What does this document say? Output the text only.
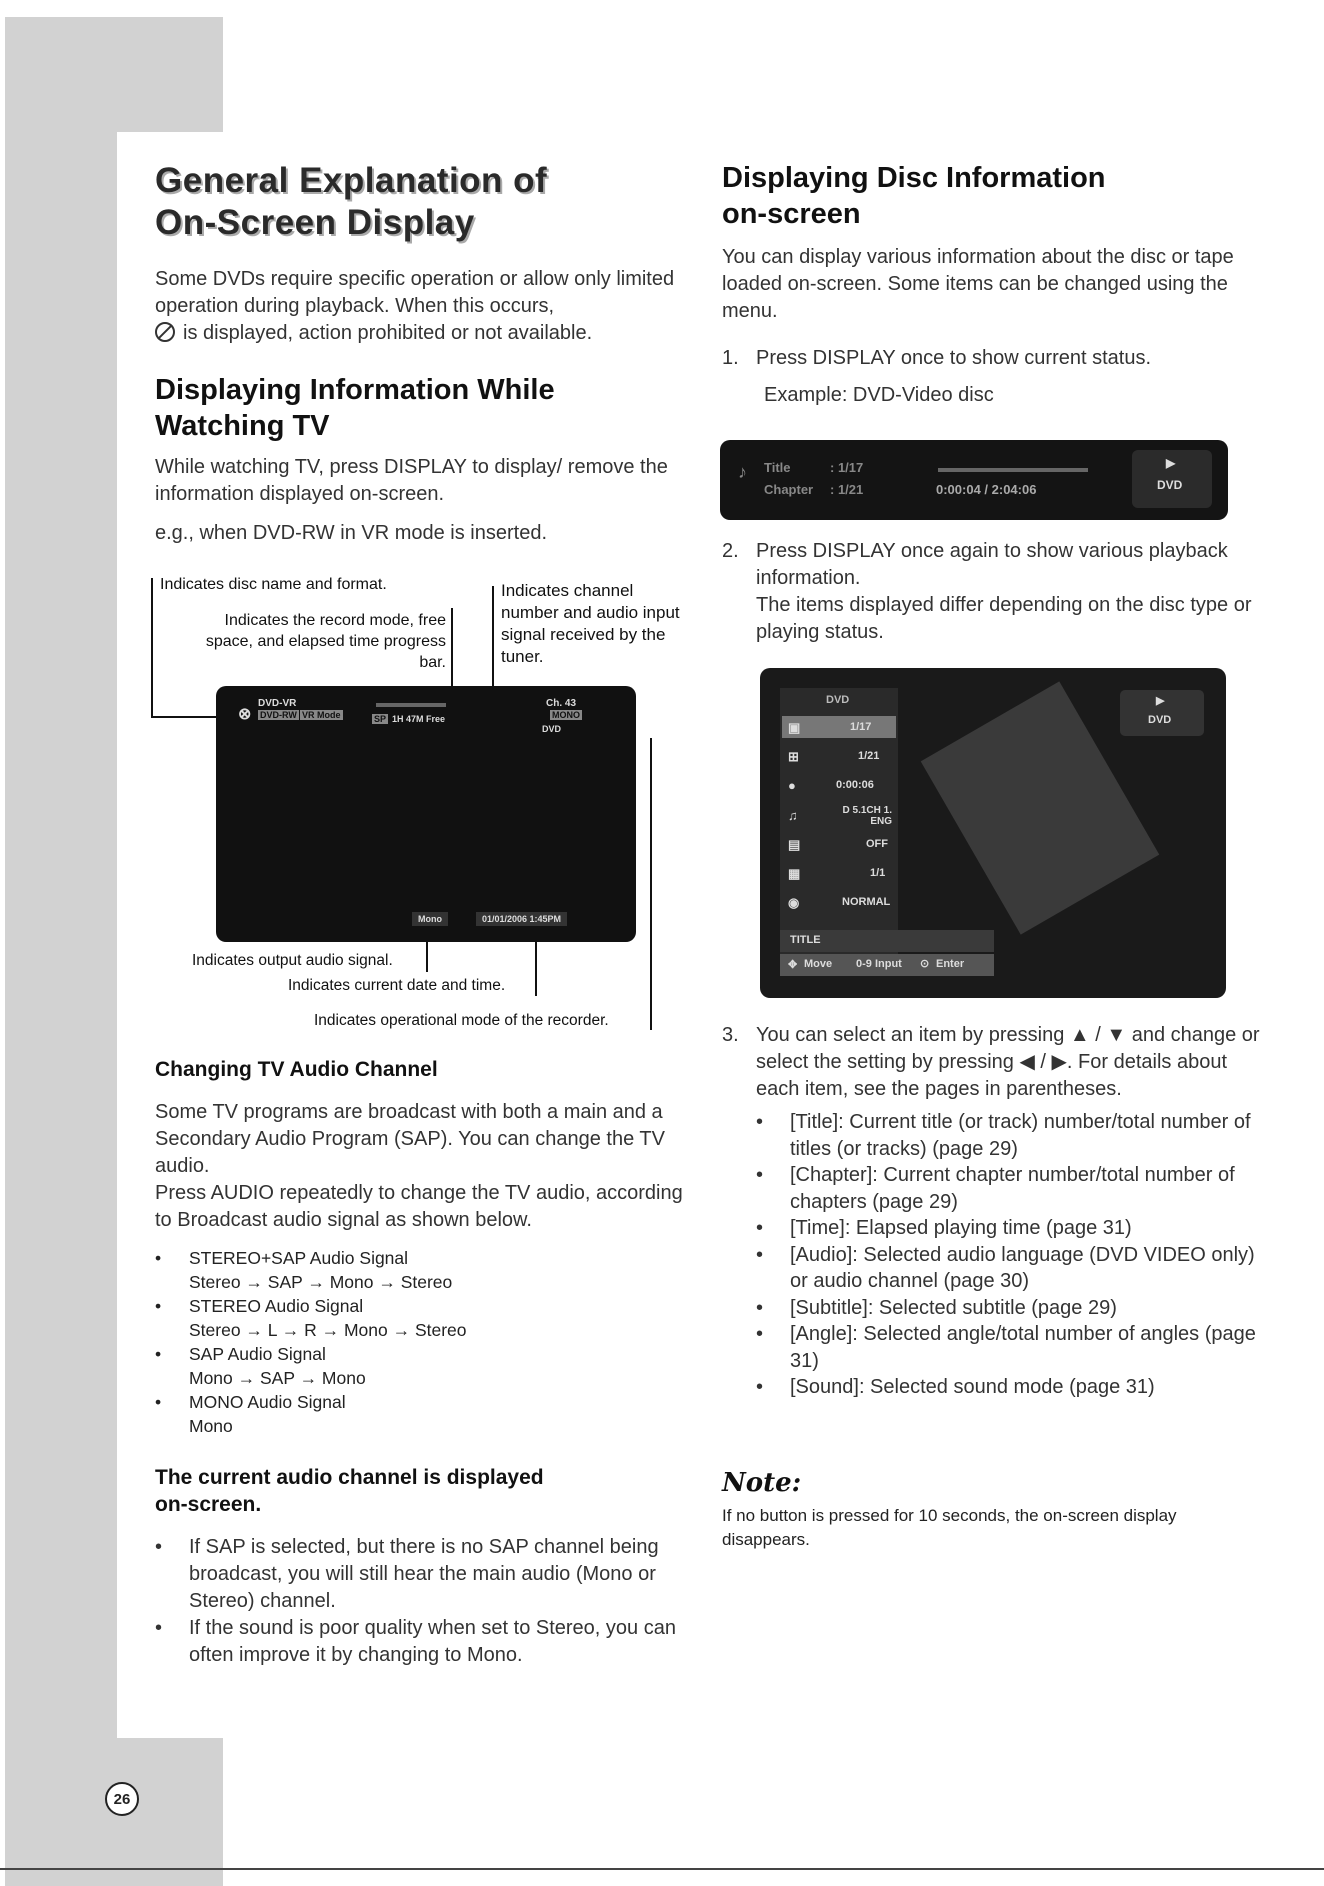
26
General Explanation of
On-Screen Display

Some DVDs require specific operation or allow only limited operation during playback. When this occurs,

is displayed, action prohibited or not available.

Displaying Information While
Watching TV

While watching TV, press DISPLAY to display/ remove the information displayed on-screen.

e.g., when DVD-RW in VR mode is inserted.

Indicates disc name and format.
Indicates the record mode, free space, and elapsed time progress bar.
Indicates channel number and audio input signal received by the tuner.
⊗
DVD-VR
DVD-RW VR Mode	SP 1H 47M Free
Ch. 43
MONO
DVD
Mono	01/01/2006 1:45PM
Indicates output audio signal.
Indicates current date and time.
Indicates operational mode of the recorder.
Changing TV Audio Channel

Some TV programs are broadcast with both a main and a Secondary Audio Program (SAP). You can change the TV audio.

Press AUDIO repeatedly to change the TV audio, according to Broadcast audio signal as shown below.

• STEREO+SAP Audio Signal
Stereo → SAP → Mono → Stereo
• STEREO Audio Signal
Stereo → L → R → Mono → Stereo
• SAP Audio Signal
Mono → SAP → Mono
• MONO Audio Signal
Mono
The current audio channel is displayed
on-screen.
• If SAP is selected, but there is no SAP channel being broadcast, you will still hear the main audio (Mono or Stereo) channel.
• If the sound is poor quality when set to Stereo, you can often improve it by changing to Mono.
Displaying Disc Information
on-screen

You can display various information about the disc or tape loaded on-screen. Some items can be changed using the menu.

1. Press DISPLAY once to show current status.

Example: DVD-Video disc

♪ Title	: 1/17
Chapter : 1/21	0:00:04 / 2:04:06
▶
DVD

2. Press DISPLAY once again to show various playback information.

The items displayed differ depending on the disc type or playing status.

DVD
▣	1/17
⊞	1/21
●	0:00:06
♫	D 5.1CH 1. ENG
▤	OFF
▦	1/1
◉	NORMAL
TITLE
✥ Move 0-9 Input ⊙ Enter
▶
DVD

3. You can select an item by pressing ▲ / ▼ and change or select the setting by pressing ◀ / ▶. For details about each item, see the pages in parentheses.

• [Title]: Current title (or track) number/total number of titles (or tracks) (page 29)
• [Chapter]: Current chapter number/total number of chapters (page 29)
• [Time]: Elapsed playing time (page 31)
• [Audio]: Selected audio language (DVD VIDEO only) or audio channel (page 30)
• [Subtitle]: Selected subtitle (page 29)
• [Angle]: Selected angle/total number of angles (page 31)
• [Sound]: Selected sound mode (page 31)
Note:

If no button is pressed for 10 seconds, the on-screen display disappears.
